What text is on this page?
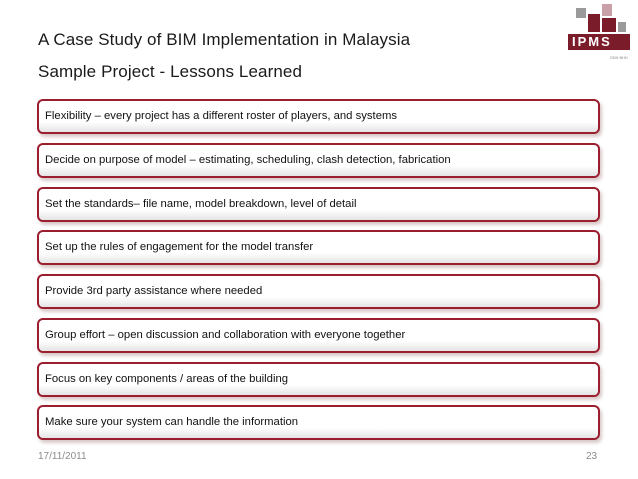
A Case Study of BIM Implementation in Malaysia
Sample Project - Lessons Learned
IPMS
SDN BHD
Flexibility – every project has a different roster of players, and systems
Decide on purpose of model – estimating, scheduling, clash detection, fabrication
Set the standards– file name, model breakdown, level of detail
Set up the rules of engagement for the model transfer
Provide 3rd party assistance where needed
Group effort – open discussion and collaboration with everyone together
Focus on key components / areas of the building
Make sure your system can handle the information
17/11/2011	23
